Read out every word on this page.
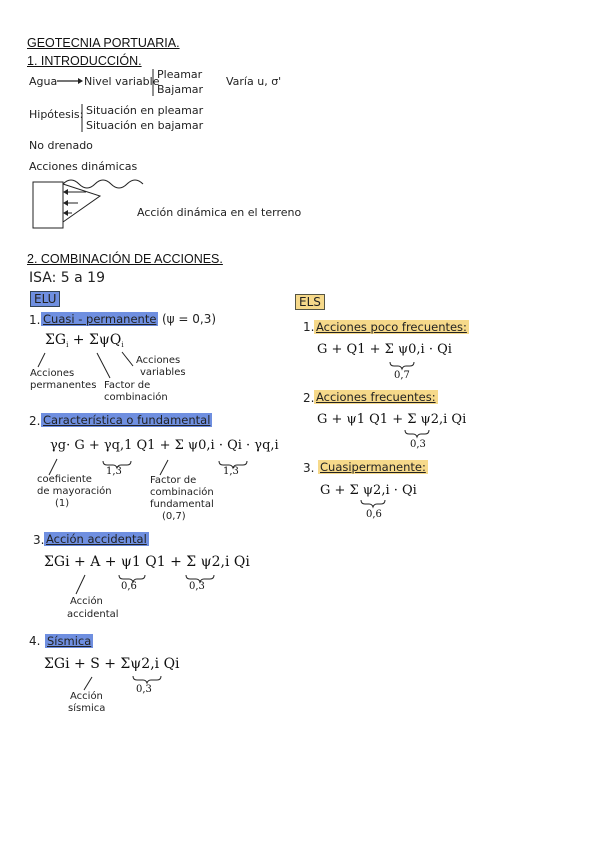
GEOTECNIA PORTUARIA.
1. INTRODUCCIÓN.
Agua Nivel variable
Pleamar
Bajamar
Varía u, σ'
Hipótesis: Situación en pleamar
Situación en bajamar
No drenado
Acciones dinámicas
Acción dinámica en el terreno
2. COMBINACIÓN DE ACCIONES.
ISA: 5 a 19
ELU	ELS
1. Cuasi - permanente (ψ = 0,3)
$\Sigma G_i + \Sigma\psi Q_i$
Acciones
permanentes
Acciones
variables
Factor de
combinación
2. Característica o fundamental
γg· G + γq,1 Q1 + Σ ψ0,i · Qi · γq,i
1,3	1,3
coeficiente
de mayoración
(1)
Factor de
combinación
fundamental
(0,7)
3. Acción accidental
ΣGi + A + ψ1 Q1 + Σ ψ2,i Qi
0,6	0,3
Acción
accidental
4. Sísmica
ΣGi + S + Σψ2,i Qi
0,3
Acción
sísmica
1. Acciones poco frecuentes:
G + Q1 + Σ ψ0,i · Qi
0,7
2. Acciones frecuentes:
G + ψ1 Q1 + Σ ψ2,i Qi
0,3
3. Cuasipermanente:
G + Σ ψ2,i · Qi
0,6
